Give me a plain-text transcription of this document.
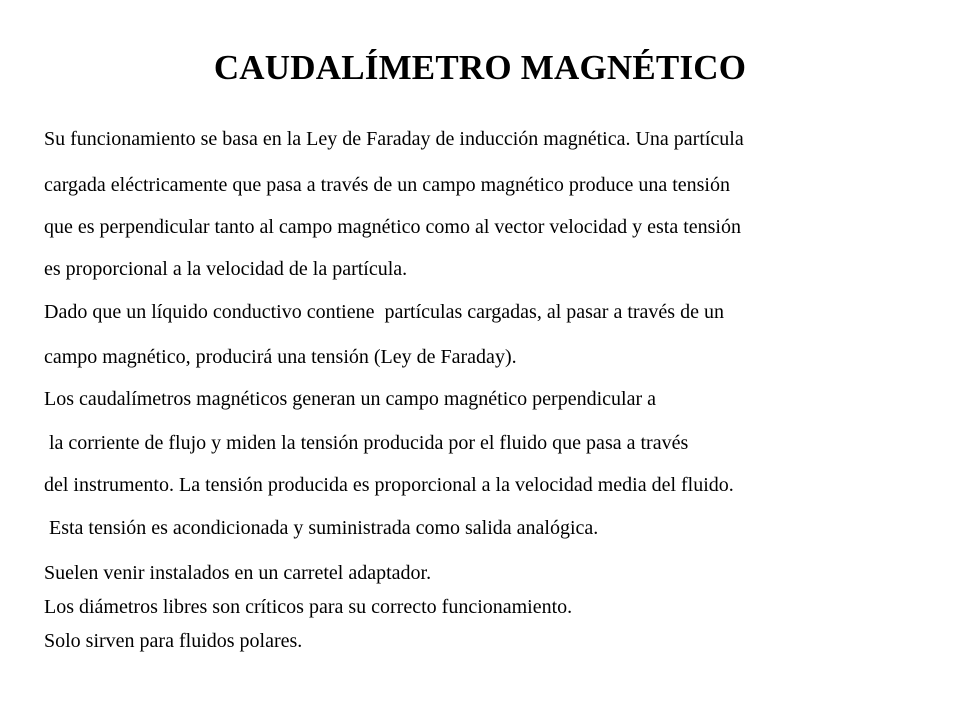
CAUDALÍMETRO MAGNÉTICO
Su funcionamiento se basa en la Ley de Faraday de inducción magnética. Una partícula
cargada eléctricamente que pasa a través de un campo magnético produce una tensión
que es perpendicular tanto al campo magnético como al vector velocidad y esta tensión
es proporcional a la velocidad de la partícula.
Dado que un líquido conductivo contiene  partículas cargadas, al pasar a través de un
campo magnético, producirá una tensión (Ley de Faraday).
Los caudalímetros magnéticos generan un campo magnético perpendicular a
la corriente de flujo y miden la tensión producida por el fluido que pasa a través
del instrumento. La tensión producida es proporcional a la velocidad media del fluido.
Esta tensión es acondicionada y suministrada como salida analógica.
Suelen venir instalados en un carretel adaptador.
Los diámetros libres son críticos para su correcto funcionamiento.
Solo sirven para fluidos polares.
